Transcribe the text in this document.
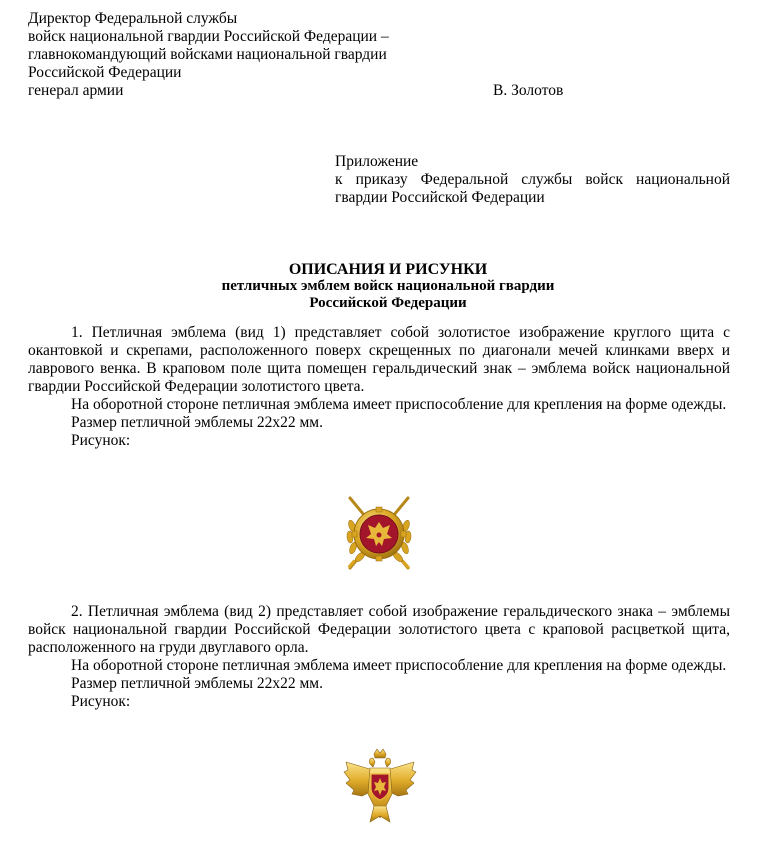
Директор Федеральной службы
войск национальной гвардии Российской Федерации –
главнокомандующий войсками национальной гвардии
Российской Федерации
генерал армии	В. Золотов
Приложение
к приказу Федеральной службы войск национальной
гвардии Российской Федерации
ОПИСАНИЯ И РИСУНКИ
петличных эмблем войск национальной гвардии
Российской Федерации

1. Петличная эмблема (вид 1) представляет собой золотистое изображение круглого щита с окантовкой и скрепами, расположенного поверх скрещенных по диагонали мечей клинками вверх и лаврового венка. В краповом поле щита помещен геральдический знак – эмблема войск национальной гвардии Российской Федерации золотистого цвета.

На оборотной стороне петличная эмблема имеет приспособление для крепления на форме одежды.

Размер петличной эмблемы 22x22 мм.

Рисунок:

2. Петличная эмблема (вид 2) представляет собой изображение геральдического знака – эмблемы войск национальной гвардии Российской Федерации золотистого цвета с краповой расцветкой щита, расположенного на груди двуглавого орла.

На оборотной стороне петличная эмблема имеет приспособление для крепления на форме одежды.

Размер петличной эмблемы 22x22 мм.

Рисунок:
